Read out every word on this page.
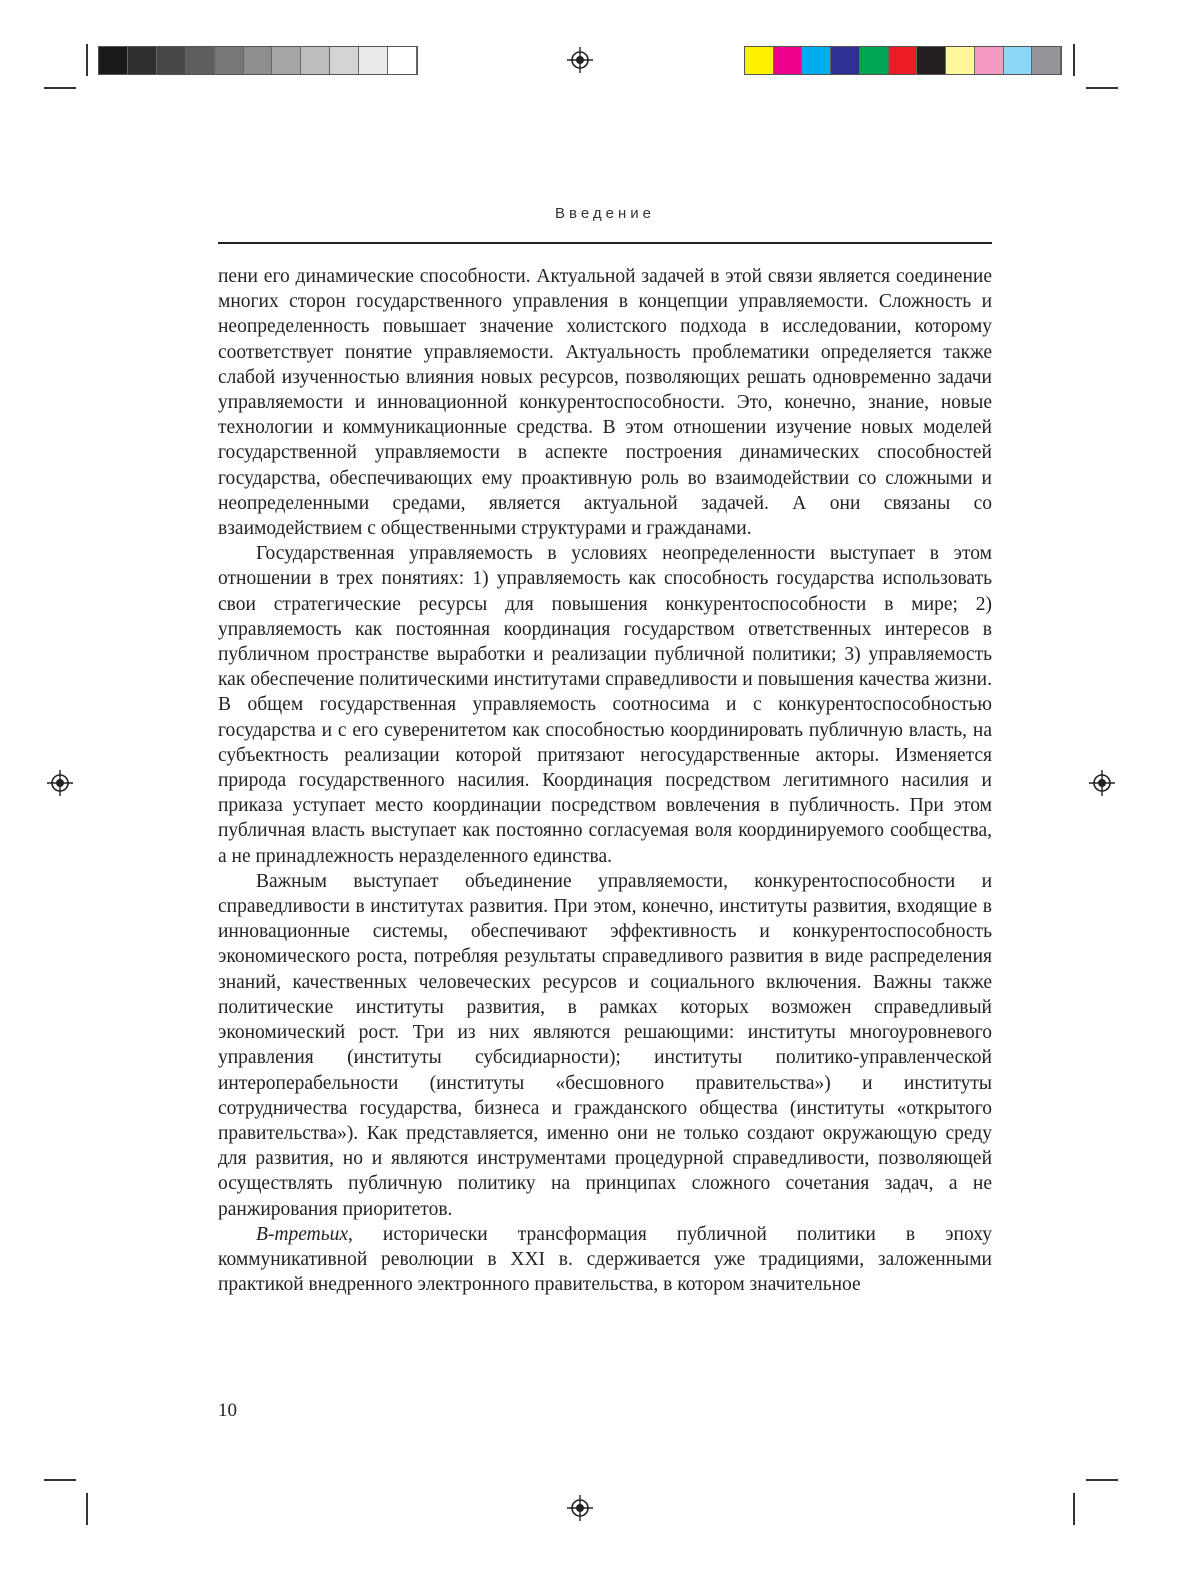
Введение

пени его динамические способности. Актуальной задачей в этой связи является соединение многих сторон государственного управления в концепции управляемости. Сложность и неопределенность повышает значение холистского подхода в исследовании, которому соответствует понятие управляемости. Актуальность проблематики определяется также слабой изученностью влияния новых ресурсов, позволяющих решать одновременно задачи управляемости и инновационной конкурентоспособности. Это, конечно, знание, новые технологии и коммуникационные средства. В этом отношении изучение новых моделей государственной управляемости в аспекте построения динамических способностей государства, обеспечивающих ему проактивную роль во взаимодействии со сложными и неопределенными средами, является актуальной задачей. А они связаны со взаимодействием с общественными структурами и гражданами.

Государственная управляемость в условиях неопределенности выступает в этом отношении в трех понятиях: 1) управляемость как способность государства использовать свои стратегические ресурсы для повышения конкурентоспособности в мире; 2) управляемость как постоянная координация государством ответственных интересов в публичном пространстве выработки и реализации публичной политики; 3) управляемость как обеспечение политическими институтами справедливости и повышения качества жизни. В общем государственная управляемость соотносима и с конкурентоспособностью государства и с его суверенитетом как способностью координировать публичную власть, на субъектность реализации которой притязают негосударственные акторы. Изменяется природа государственного насилия. Координация посредством легитимного насилия и приказа уступает место координации посредством вовлечения в публичность. При этом публичная власть выступает как постоянно согласуемая воля координируемого сообщества, а не принадлежность неразделенного единства.

Важным выступает объединение управляемости, конкурентоспособности и справедливости в институтах развития. При этом, конечно, институты развития, входящие в инновационные системы, обеспечивают эффективность и конкурентоспособность экономического роста, потребляя результаты справедливого развития в виде распределения знаний, качественных человеческих ресурсов и социального включения. Важны также политические институты развития, в рамках которых возможен справедливый экономический рост. Три из них являются решающими: институты многоуровневого управления (институты субсидиарности); институты политико-управленческой интероперабельности (институты «бесшовного правительства») и институты сотрудничества государства, бизнеса и гражданского общества (институты «открытого правительства»). Как представляется, именно они не только создают окружающую среду для развития, но и являются инструментами процедурной справедливости, позволяющей осуществлять публичную политику на принципах сложного сочетания задач, а не ранжирования приоритетов.

В-третьих, исторически трансформация публичной политики в эпоху коммуникативной революции в XXI в. сдерживается уже традициями, заложенными практикой внедренного электронного правительства, в котором значительное

10
